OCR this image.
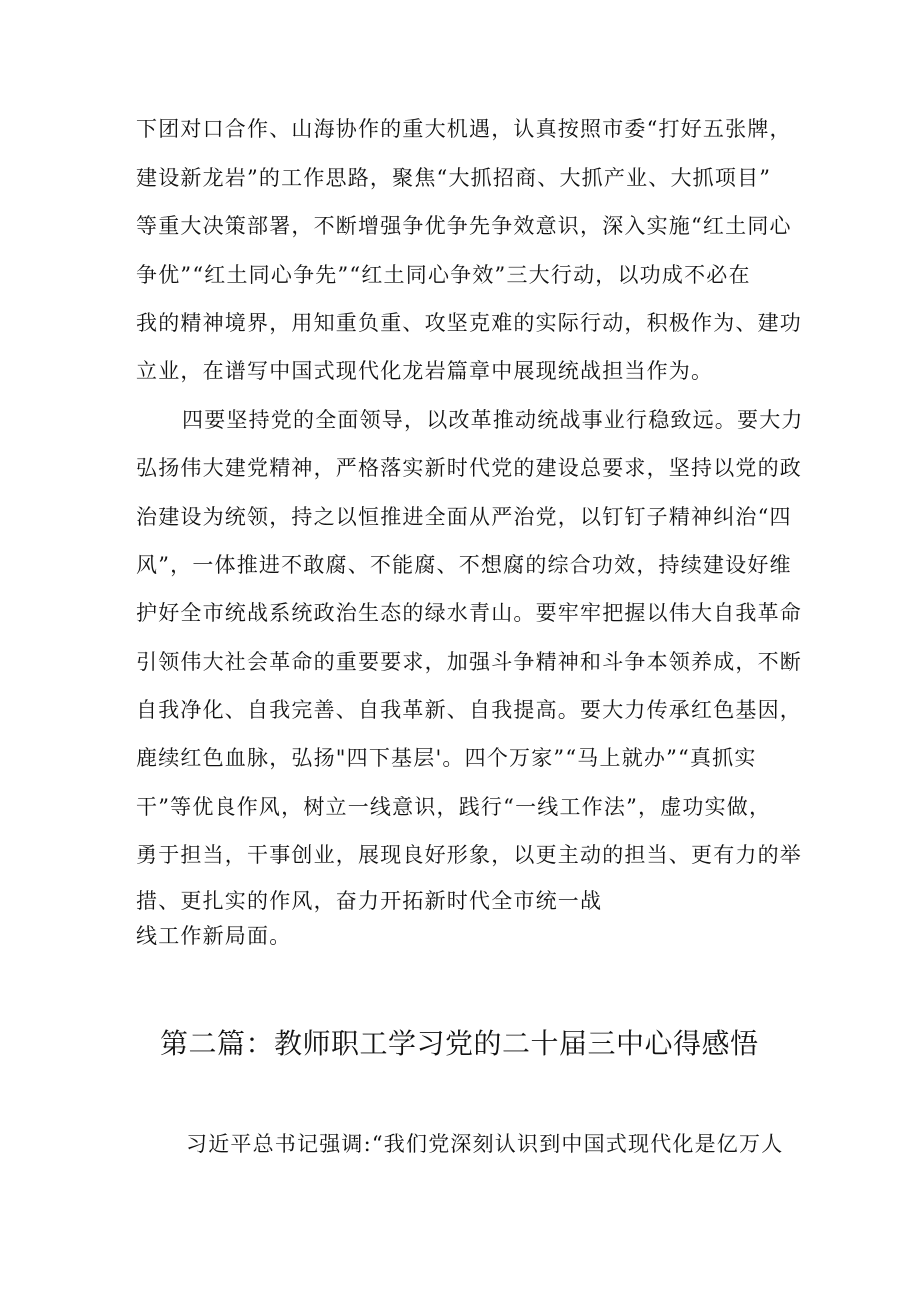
下团对口合作、山海协作的重大机遇，认真按照市委“打好五张牌，
建设新龙岩”的工作思路，聚焦“大抓招商、大抓产业、大抓项目”
等重大决策部署，不断增强争优争先争效意识，深入实施“红土同心
争优”“红土同心争先”“红土同心争效”三大行动，以功成不必在
我的精神境界，用知重负重、攻坚克难的实际行动，积极作为、建功
立业，在谱写中国式现代化龙岩篇章中展现统战担当作为。
四要坚持党的全面领导，以改革推动统战事业行稳致远。要大力
弘扬伟大建党精神，严格落实新时代党的建设总要求，坚持以党的政
治建设为统领，持之以恒推进全面从严治党，以钉钉子精神纠治“四
风”，一体推进不敢腐、不能腐、不想腐的综合功效，持续建设好维
护好全市统战系统政治生态的绿水青山。要牢牢把握以伟大自我革命
引领伟大社会革命的重要要求，加强斗争精神和斗争本领养成，不断
自我净化、自我完善、自我革新、自我提高。要大力传承红色基因，
鹿续红色血脉，弘扬"四下基层'。四个万家”“马上就办”“真抓实
干”等优良作风，树立一线意识，践行“一线工作法”，虚功实做，
勇于担当，干事创业，展现良好形象，以更主动的担当、更有力的举
措、更扎实的作风，奋力开拓新时代全市统一战
线工作新局面。
第二篇：教师职工学习党的二十届三中心得感悟
习近平总书记强调:“我们党深刻认识到中国式现代化是亿万人
